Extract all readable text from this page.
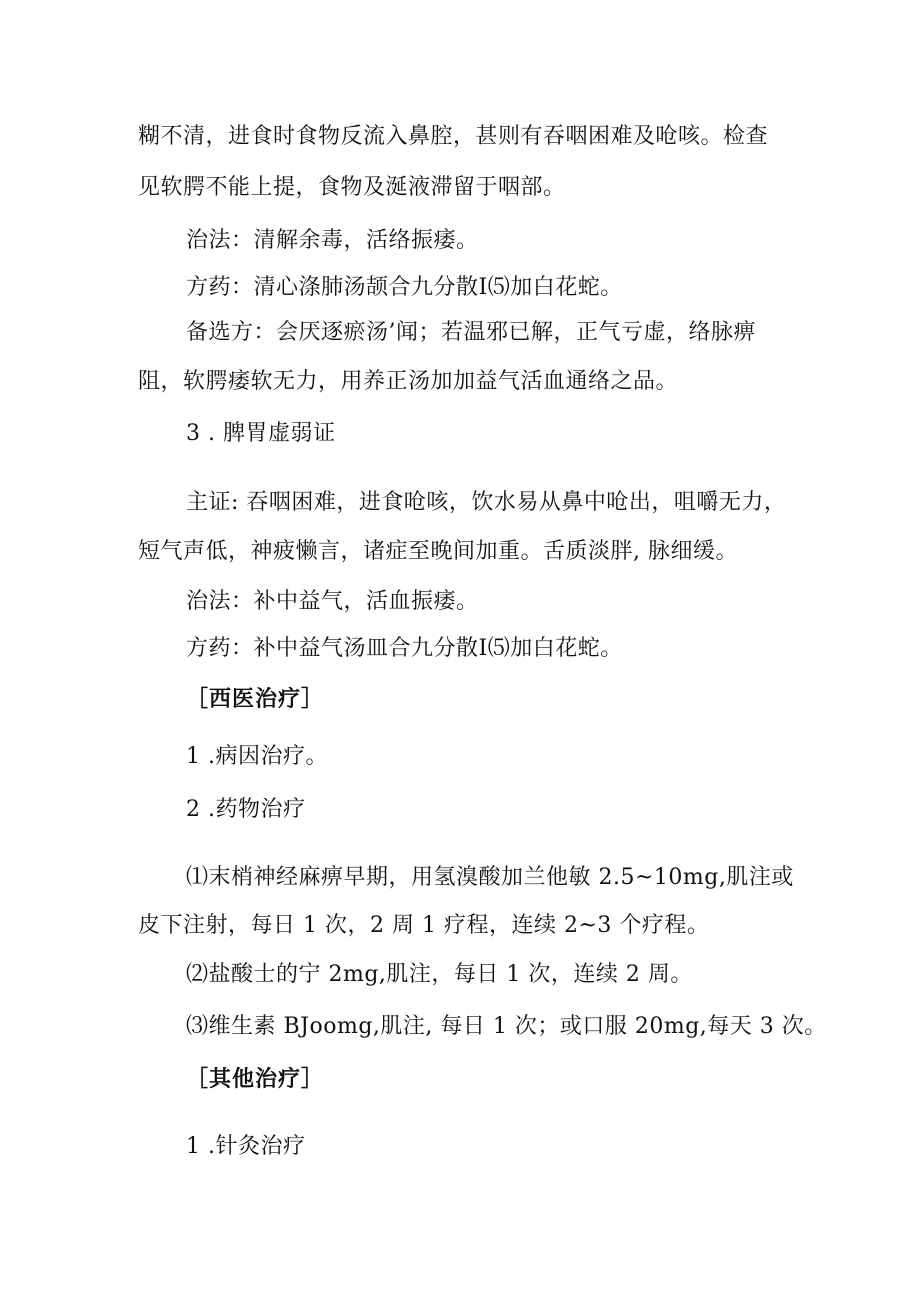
糊不清，进食时食物反流入鼻腔，甚则有吞咽困难及呛咳。检查
见软腭不能上提，食物及涎液滞留于咽部。
治法：清解余毒，活络振痿。
方药：清心涤肺汤颉合九分散I⑸加白花蛇。
备选方：会厌逐瘀汤’闻；若温邪已解，正气亏虚，络脉痹
阻，软腭痿软无力，用养正汤加加益气活血通络之品。
3 . 脾胃虚弱证
主证: 吞咽困难，进食呛咳，饮水易从鼻中呛出，咀嚼无力，
短气声低，神疲懒言，诸症至晚间加重。舌质淡胖, 脉细缓。
治法：补中益气，活血振痿。
方药：补中益气汤皿合九分散I⑸加白花蛇。
［西医治疗］
1 .病因治疗。
2 .药物治疗
⑴末梢神经麻痹早期，用氢溴酸加兰他敏 2.5~10mg,肌注或
皮下注射，每日 1 次，2 周 1 疗程，连续 2~3 个疗程。
⑵盐酸士的宁 2mg,肌注，每日 1 次，连续 2 周。
⑶维生素 BJoomg,肌注, 每日 1 次；或口服 20mg,每天 3 次。
［其他治疗］
1 .针灸治疗
